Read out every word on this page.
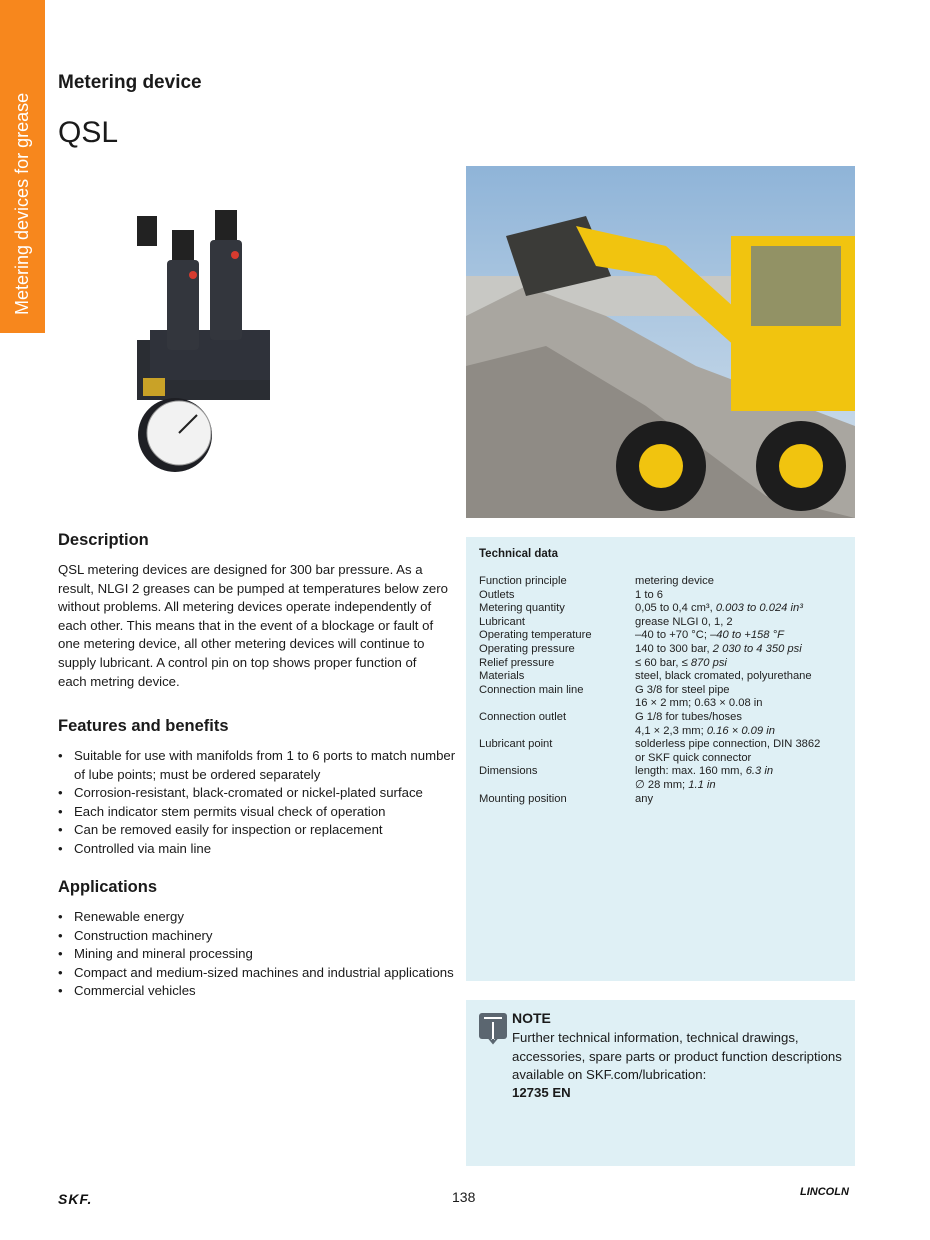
Metering devices for grease
Metering device
QSL
Description

QSL metering devices are designed for 300 bar pressure. As a result, NLGI 2 greases can be pumped at temperatures below zero without problems. All metering devices operate independently of each other. This means that in the event of a blockage or fault of one metering device, all other metering devices will continue to supply lubricant. A control pin on top shows proper function of each metring device.

Features and benefits
• Suitable for use with manifolds from 1 to 6 ports to match number of lube points; must be ordered separately
• Corrosion-resistant, black-cromated or nickel-plated surface
• Each indicator stem permits visual check of operation
• Can be removed easily for inspection or replacement
• Controlled via main line
Applications
• Renewable energy
• Construction machinery
• Mining and mineral processing
• Compact and medium-sized machines and industrial applications
• Commercial vehicles
Technical data
Function principle	metering device
Outlets	1 to 6
Metering quantity	0,05 to 0,4 cm³, 0.003 to 0.024 in³
Lubricant	grease NLGI 0, 1, 2
Operating temperature	–40 to +70 °C; –40 to +158 °F
Operating pressure	140 to 300 bar, 2 030 to 4 350 psi
Relief pressure	≤ 60 bar, ≤ 870 psi
Materials	steel, black cromated, polyurethane
Connection main line	G 3/8 for steel pipe
	16 × 2 mm; 0.63 × 0.08 in
Connection outlet	G 1/8 for tubes/hoses
	4,1 × 2,3 mm; 0.16 × 0.09 in
Lubricant point	solderless pipe connection, DIN 3862
	or SKF quick connector
Dimensions	length: max. 160 mm, 6.3 in
	∅ 28 mm; 1.1 in
Mounting position	any
NOTE
Further technical information, technical drawings, accessories, spare parts or product function descriptions available on SKF.com/lubrication:
12735 EN
SKF.	138	LINCOLN
